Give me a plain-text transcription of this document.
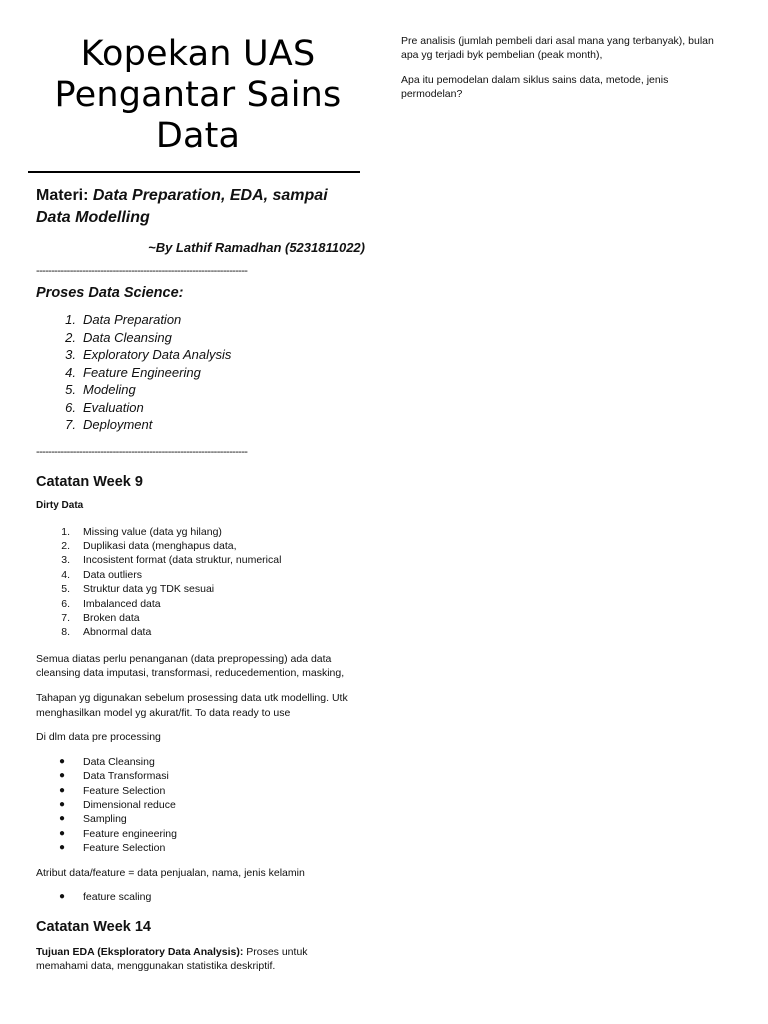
Kopekan UAS
Pengantar Sains
Data
Materi: Data Preparation, EDA, sampai
Data Modelling
~By Lathif Ramadhan (5231811022)
---------------------------------------------------------------------
Proses Data Science:
1. Data Preparation
2. Data Cleansing
3. Exploratory Data Analysis
4. Feature Engineering
5. Modeling
6. Evaluation
7. Deployment
---------------------------------------------------------------------
Catatan Week 9
Dirty Data
1. Missing value (data yg hilang)
2. Duplikasi data (menghapus data,
3. Incosistent format (data struktur, numerical
4. Data outliers
5. Struktur data yg TDK sesuai
6. Imbalanced data
7. Broken data
8. Abnormal data

Semua diatas perlu penanganan (data prepropessing) ada data cleansing data imputasi, transformasi, reducedemention, masking,

Tahapan yg digunakan sebelum prosessing data utk modelling. Utk menghasilkan model yg akurat/fit. To data ready to use

Di dlm data pre processing

● Data Cleansing
● Data Transformasi
● Feature Selection
● Dimensional reduce
● Sampling
● Feature engineering
● Feature Selection

Atribut data/feature = data penjualan, nama, jenis kelamin

● feature scaling
Catatan Week 14

Tujuan EDA (Eksploratory Data Analysis): Proses untuk memahami data, menggunakan statistika deskriptif.

Pre analisis (jumlah pembeli dari asal mana yang terbanyak), bulan apa yg terjadi byk pembelian (peak month),

Apa itu pemodelan dalam siklus sains data, metode, jenis permodelan?
